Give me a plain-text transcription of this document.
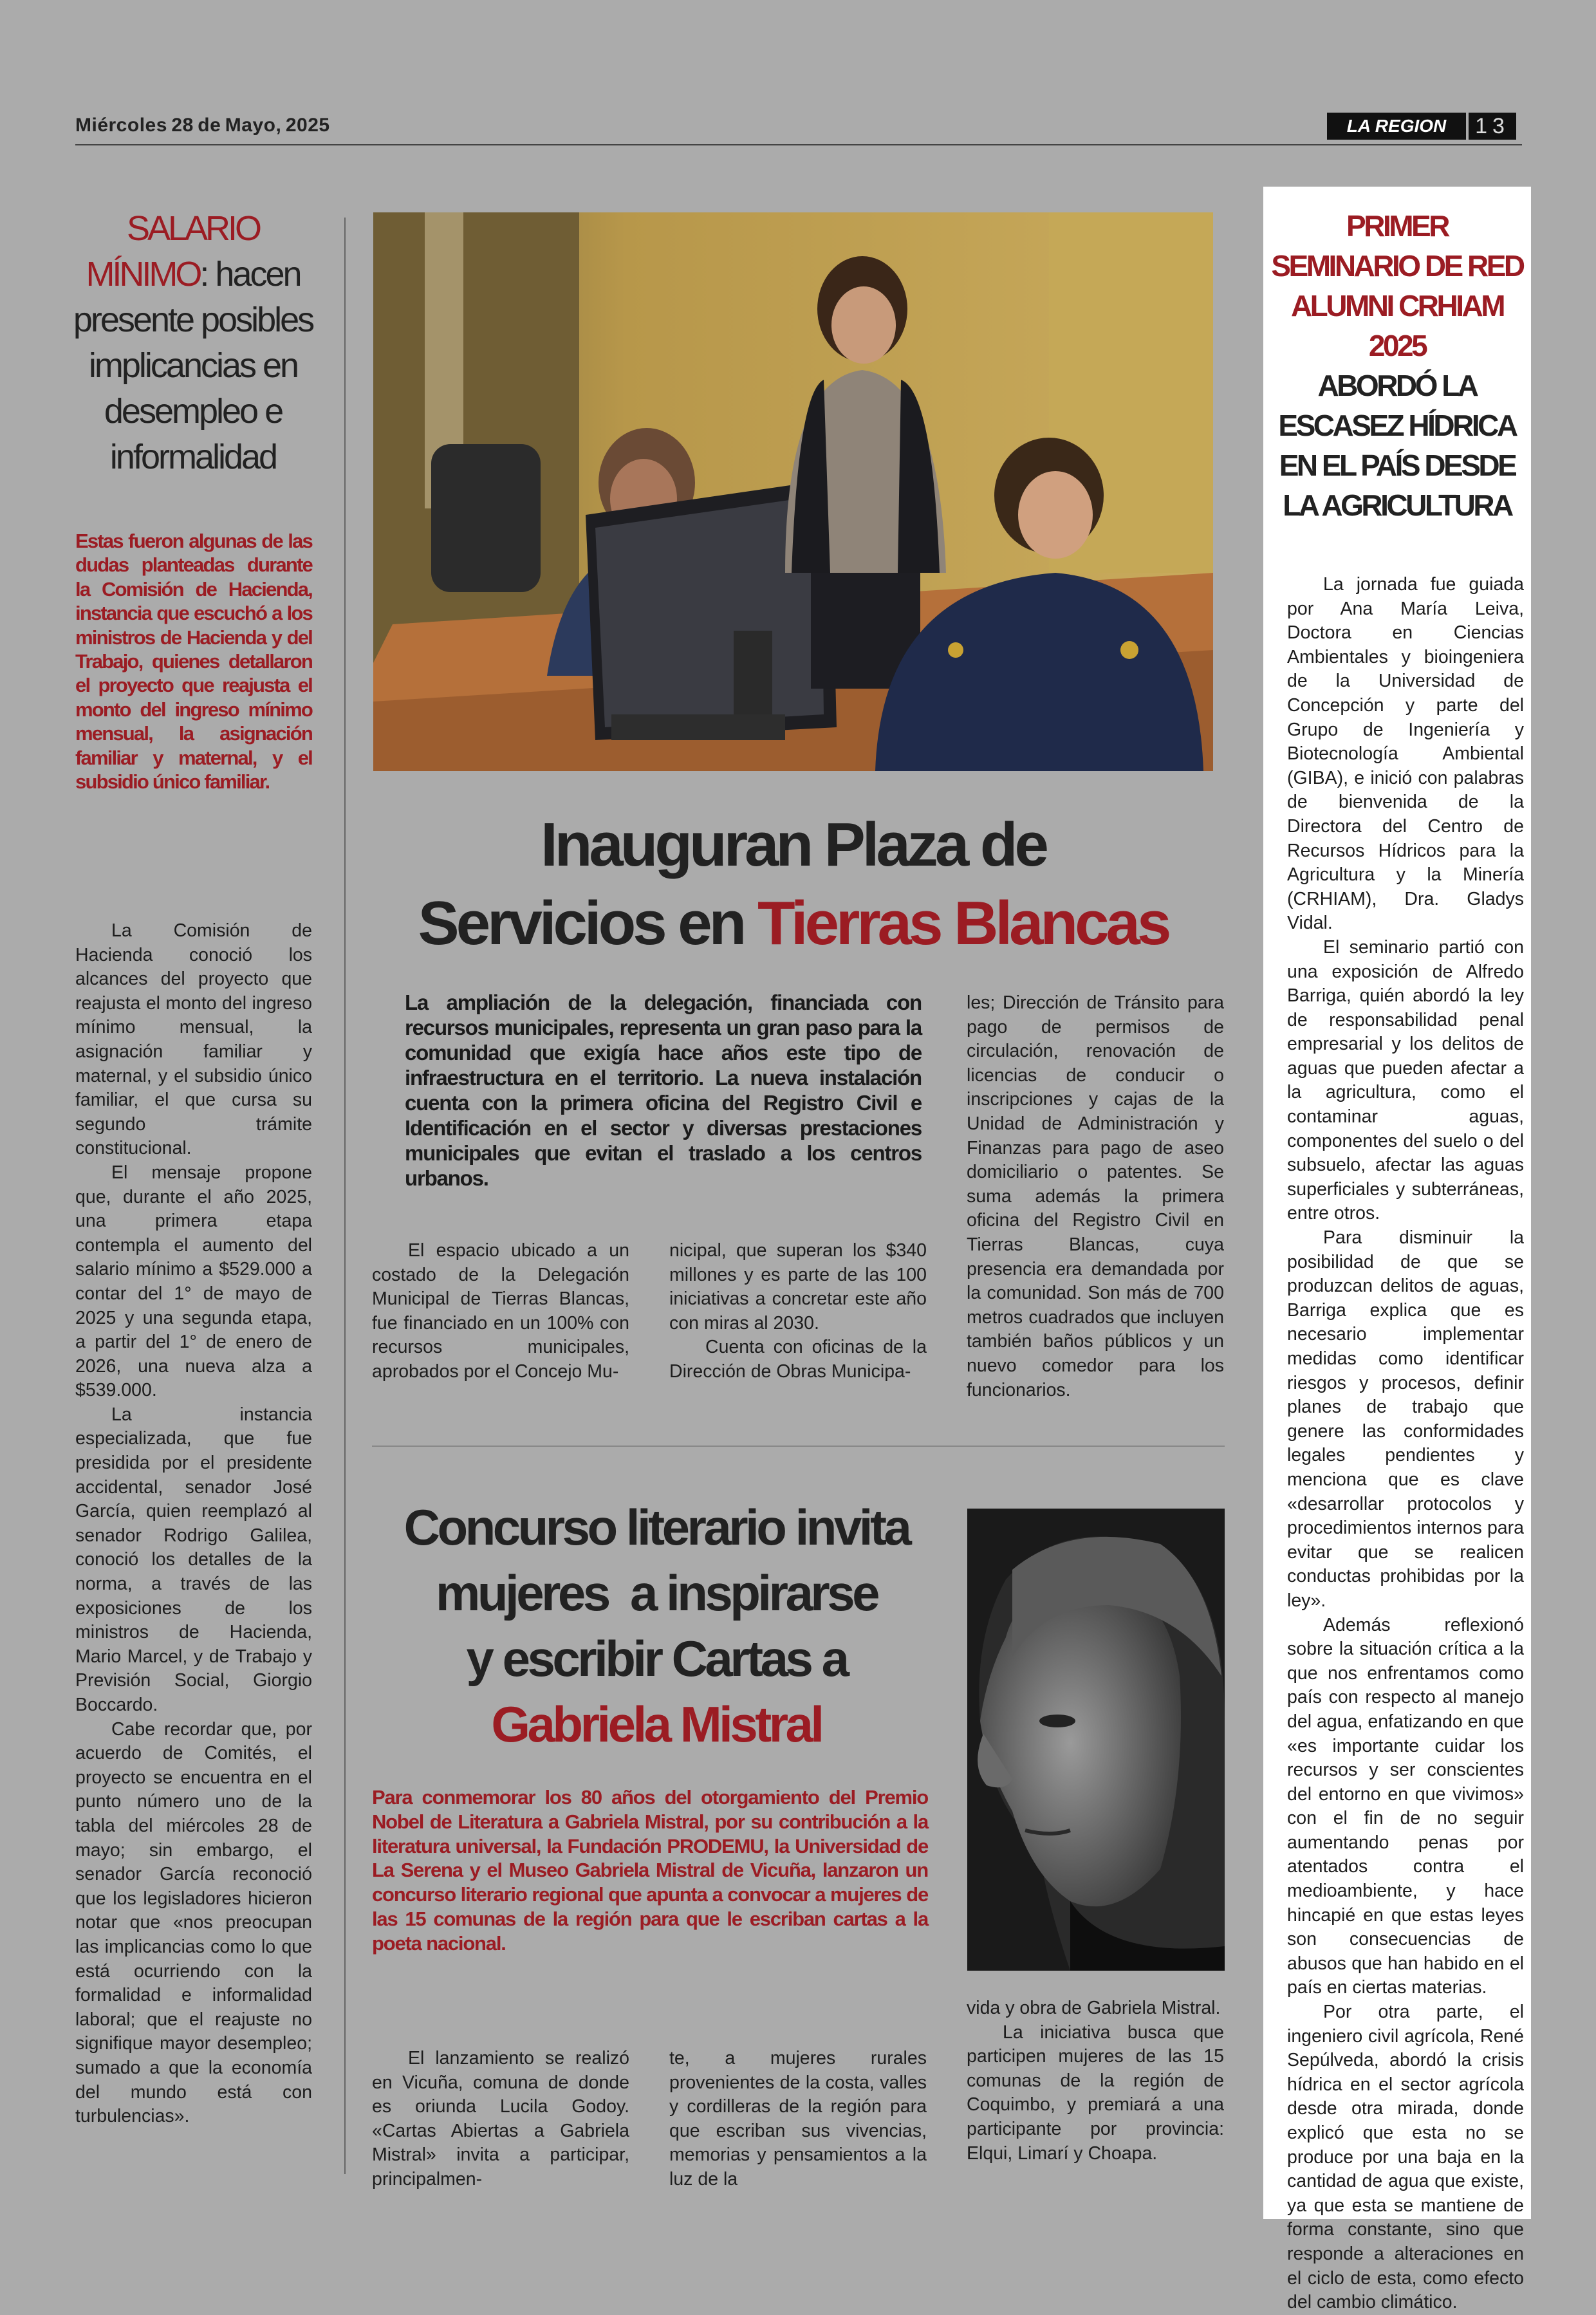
Miércoles 28 de Mayo, 2025	LA REGION	13
SALARIO MÍNIMO: hacen presente posibles implicancias en desempleo e informalidad
Estas fueron algunas de las dudas planteadas durante la Comisión de Hacienda, instancia que escuchó a los ministros de Hacienda y del Trabajo, quienes detallaron el proyecto que reajusta el monto del ingreso mínimo mensual, la asignación familiar y maternal, y el subsidio único familiar.

La Comisión de Hacienda conoció los alcances del proyecto que reajusta el monto del ingreso mínimo mensual, la asignación familiar y maternal, y el subsidio único familiar, el que cursa su segundo trámite constitucional.

El mensaje propone que, durante el año 2025, una primera etapa contempla el aumento del salario mínimo a $529.000 a contar del 1° de mayo de 2025 y una segunda etapa, a partir del 1° de enero de 2026, una nueva alza a $539.000.

La instancia especializada, que fue presidida por el presidente accidental, senador José García, quien reemplazó al senador Rodrigo Galilea, conoció los detalles de la norma, a través de las exposiciones de los ministros de Hacienda, Mario Marcel, y de Trabajo y Previsión Social, Giorgio Boccardo.

Cabe recordar que, por acuerdo de Comités, el proyecto se encuentra en el punto número uno de la tabla del miércoles 28 de mayo; sin embargo, el senador García reconoció que los legisladores hicieron notar que «nos preocupan las implicancias como lo que está ocurriendo con la formalidad e informalidad laboral; que el reajuste no signifique mayor desempleo; sumado a que la economía del mundo está con turbulencias».

Inauguran Plaza de
Servicios en Tierras Blancas
La ampliación de la delegación, financiada con recursos municipales, representa un gran paso para la comunidad que exigía hace años este tipo de infraestructura en el territorio. La nueva instalación cuenta con la primera oficina del Registro Civil e Identificación en el sector y diversas prestaciones municipales que evitan el traslado a los centros urbanos.

El espacio ubicado a un costado de la Delegación Municipal de Tierras Blancas, fue financiado en un 100% con recursos municipales, aprobados por el Concejo Mu-

nicipal, que superan los $340 millones y es parte de las 100 iniciativas a concretar este año con miras al 2030.

Cuenta con oficinas de la Dirección de Obras Municipa-

les; Dirección de Tránsito para pago de permisos de circulación, renovación de licencias de conducir o inscripciones y cajas de la Unidad de Administración y Finanzas para pago de aseo domiciliario o patentes. Se suma además la primera oficina del Registro Civil en Tierras Blancas, cuya presencia era demandada por la comunidad. Son más de 700 metros cuadrados que incluyen también baños públicos y un nuevo comedor para los funcionarios.

Concurso literario invita
mujeres  a inspirarse
y escribir Cartas a
Gabriela Mistral
Para conmemorar los 80 años del otorgamiento del Premio Nobel de Literatura a Gabriela Mistral, por su contribución a la literatura universal, la Fundación PRODEMU, la Universidad de La Serena y el Museo Gabriela Mistral de Vicuña, lanzaron un concurso literario regional que apunta a convocar a mujeres de las 15 comunas de la región para que le escriban cartas a la poeta nacional.

El lanzamiento se realizó en Vicuña, comuna de donde es oriunda Lucila Godoy. «Cartas Abiertas a Gabriela Mistral» invita a participar, principalmen-

te, a mujeres rurales provenientes de la costa, valles y cordilleras de la región para que escriban sus vivencias, memorias y pensamientos a la luz de la

vida y obra de Gabriela Mistral.

La iniciativa busca que participen mujeres de las 15 comunas de la región de Coquimbo, y premiará a una participante por provincia: Elqui, Limarí y Choapa.

PRIMER SEMINARIO DE RED ALUMNI CRHIAM 2025
ABORDÓ LA ESCASEZ HÍDRICA EN EL PAÍS DESDE LA AGRICULTURA

La jornada fue guiada por Ana María Leiva, Doctora en Ciencias Ambientales y bioingeniera de la Universidad de Concepción y parte del Grupo de Ingeniería y Biotecnología Ambiental (GIBA), e inició con palabras de bienvenida de la Directora del Centro de Recursos Hídricos para la Agricultura y la Minería (CRHIAM), Dra. Gladys Vidal.

El seminario partió con una exposición de Alfredo Barriga, quién abordó la ley de responsabilidad penal empresarial y los delitos de aguas que pueden afectar a la agricultura, como el contaminar aguas, componentes del suelo o del subsuelo, afectar las aguas superficiales y subterráneas, entre otros.

Para disminuir la posibilidad de que se produzcan delitos de aguas, Barriga explica que es necesario implementar medidas como identificar riesgos y procesos, definir planes de trabajo que genere las conformidades legales pendientes y menciona que es clave «desarrollar protocolos y procedimientos internos para evitar que se realicen conductas prohibidas por la ley».

Además reflexionó sobre la situación crítica a la que nos enfrentamos como país con respecto al manejo del agua, enfatizando en que «es importante cuidar los recursos y ser conscientes del entorno en que vivimos» con el fin de no seguir aumentando penas por atentados contra el medioambiente, y hace hincapié en que estas leyes son consecuencias de abusos que han habido en el país en ciertas materias.

Por otra parte, el ingeniero civil agrícola, René Sepúlveda, abordó la crisis hídrica en el sector agrícola desde otra mirada, donde explicó que esta no se produce por una baja en la cantidad de agua que existe, ya que esta se mantiene de forma constante, sino que responde a alteraciones en el ciclo de esta, como efecto del cambio climático.
